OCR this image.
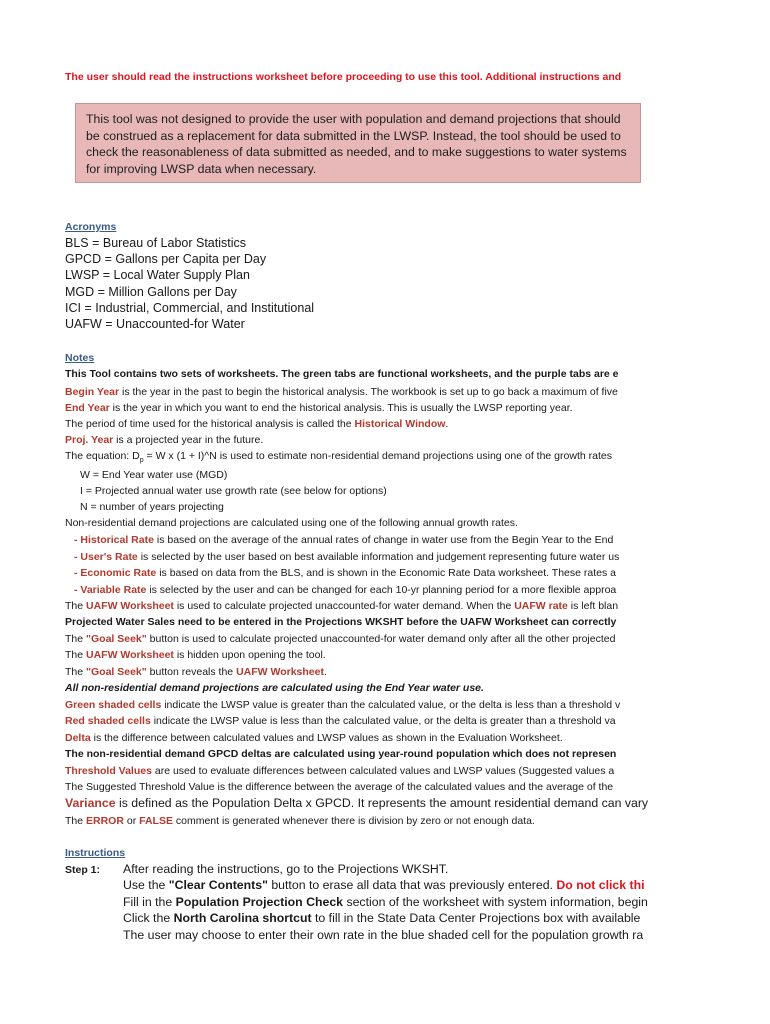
The user should read the instructions worksheet before proceeding to use this tool. Additional instructions and
This tool was not designed to provide the user with population and demand projections that should be construed as a replacement for data submitted in the LWSP. Instead, the tool should be used to check the reasonableness of data submitted as needed, and to make suggestions to water systems for improving LWSP data when necessary.
Acronyms
BLS = Bureau of Labor Statistics
GPCD = Gallons per Capita per Day
LWSP = Local Water Supply Plan
MGD = Million Gallons per Day
ICI = Industrial, Commercial, and Institutional
UAFW = Unaccounted-for Water
Notes
This Tool contains two sets of worksheets. The green tabs are functional worksheets, and the purple tabs are e
Begin Year is the year in the past to begin the historical analysis. The workbook is set up to go back a maximum of five
End Year is the year in which you want to end the historical analysis. This is usually the LWSP reporting year.
The period of time used for the historical analysis is called the Historical Window.
Proj. Year is a projected year in the future.
The equation: $D_p = W$ x (1 + I)^N is used to estimate non-residential demand projections using one of the growth rates
W = End Year water use (MGD)
I = Projected annual water use growth rate (see below for options)
N = number of years projecting
Non-residential demand projections are calculated using one of the following annual growth rates.
- Historical Rate is based on the average of the annual rates of change in water use from the Begin Year to the End
- User's Rate is selected by the user based on best available information and judgement representing future water us
- Economic Rate is based on data from the BLS, and is shown in the Economic Rate Data worksheet. These rates a
- Variable Rate is selected by the user and can be changed for each 10-yr planning period for a more flexible approa
The UAFW Worksheet is used to calculate projected unaccounted-for water demand. When the UAFW rate is left blan
Projected Water Sales need to be entered in the Projections WKSHT before the UAFW Worksheet can correctly
The "Goal Seek" button is used to calculate projected unaccounted-for water demand only after all the other projected
The UAFW Worksheet is hidden upon opening the tool.
The "Goal Seek" button reveals the UAFW Worksheet.
All non-residential demand projections are calculated using the End Year water use.
Green shaded cells indicate the LWSP value is greater than the calculated value, or the delta is less than a threshold v
Red shaded cells indicate the LWSP value is less than the calculated value, or the delta is greater than a threshold va
Delta is the difference between calculated values and LWSP values as shown in the Evaluation Worksheet.
The non-residential demand GPCD deltas are calculated using year-round population which does not represen
Threshold Values are used to evaluate differences between calculated values and LWSP values (Suggested values a
The Suggested Threshold Value is the difference between the average of the calculated values and the average of the
Variance is defined as the Population Delta x GPCD. It represents the amount residential demand can vary
The ERROR or FALSE comment is generated whenever there is division by zero or not enough data.
Instructions
Step 1: After reading the instructions, go to the Projections WKSHT.
Use the "Clear Contents" button to erase all data that was previously entered. Do not click thi
Fill in the Population Projection Check section of the worksheet with system information, begin
Click the North Carolina shortcut to fill in the State Data Center Projections box with available
The user may choose to enter their own rate in the blue shaded cell for the population growth ra
